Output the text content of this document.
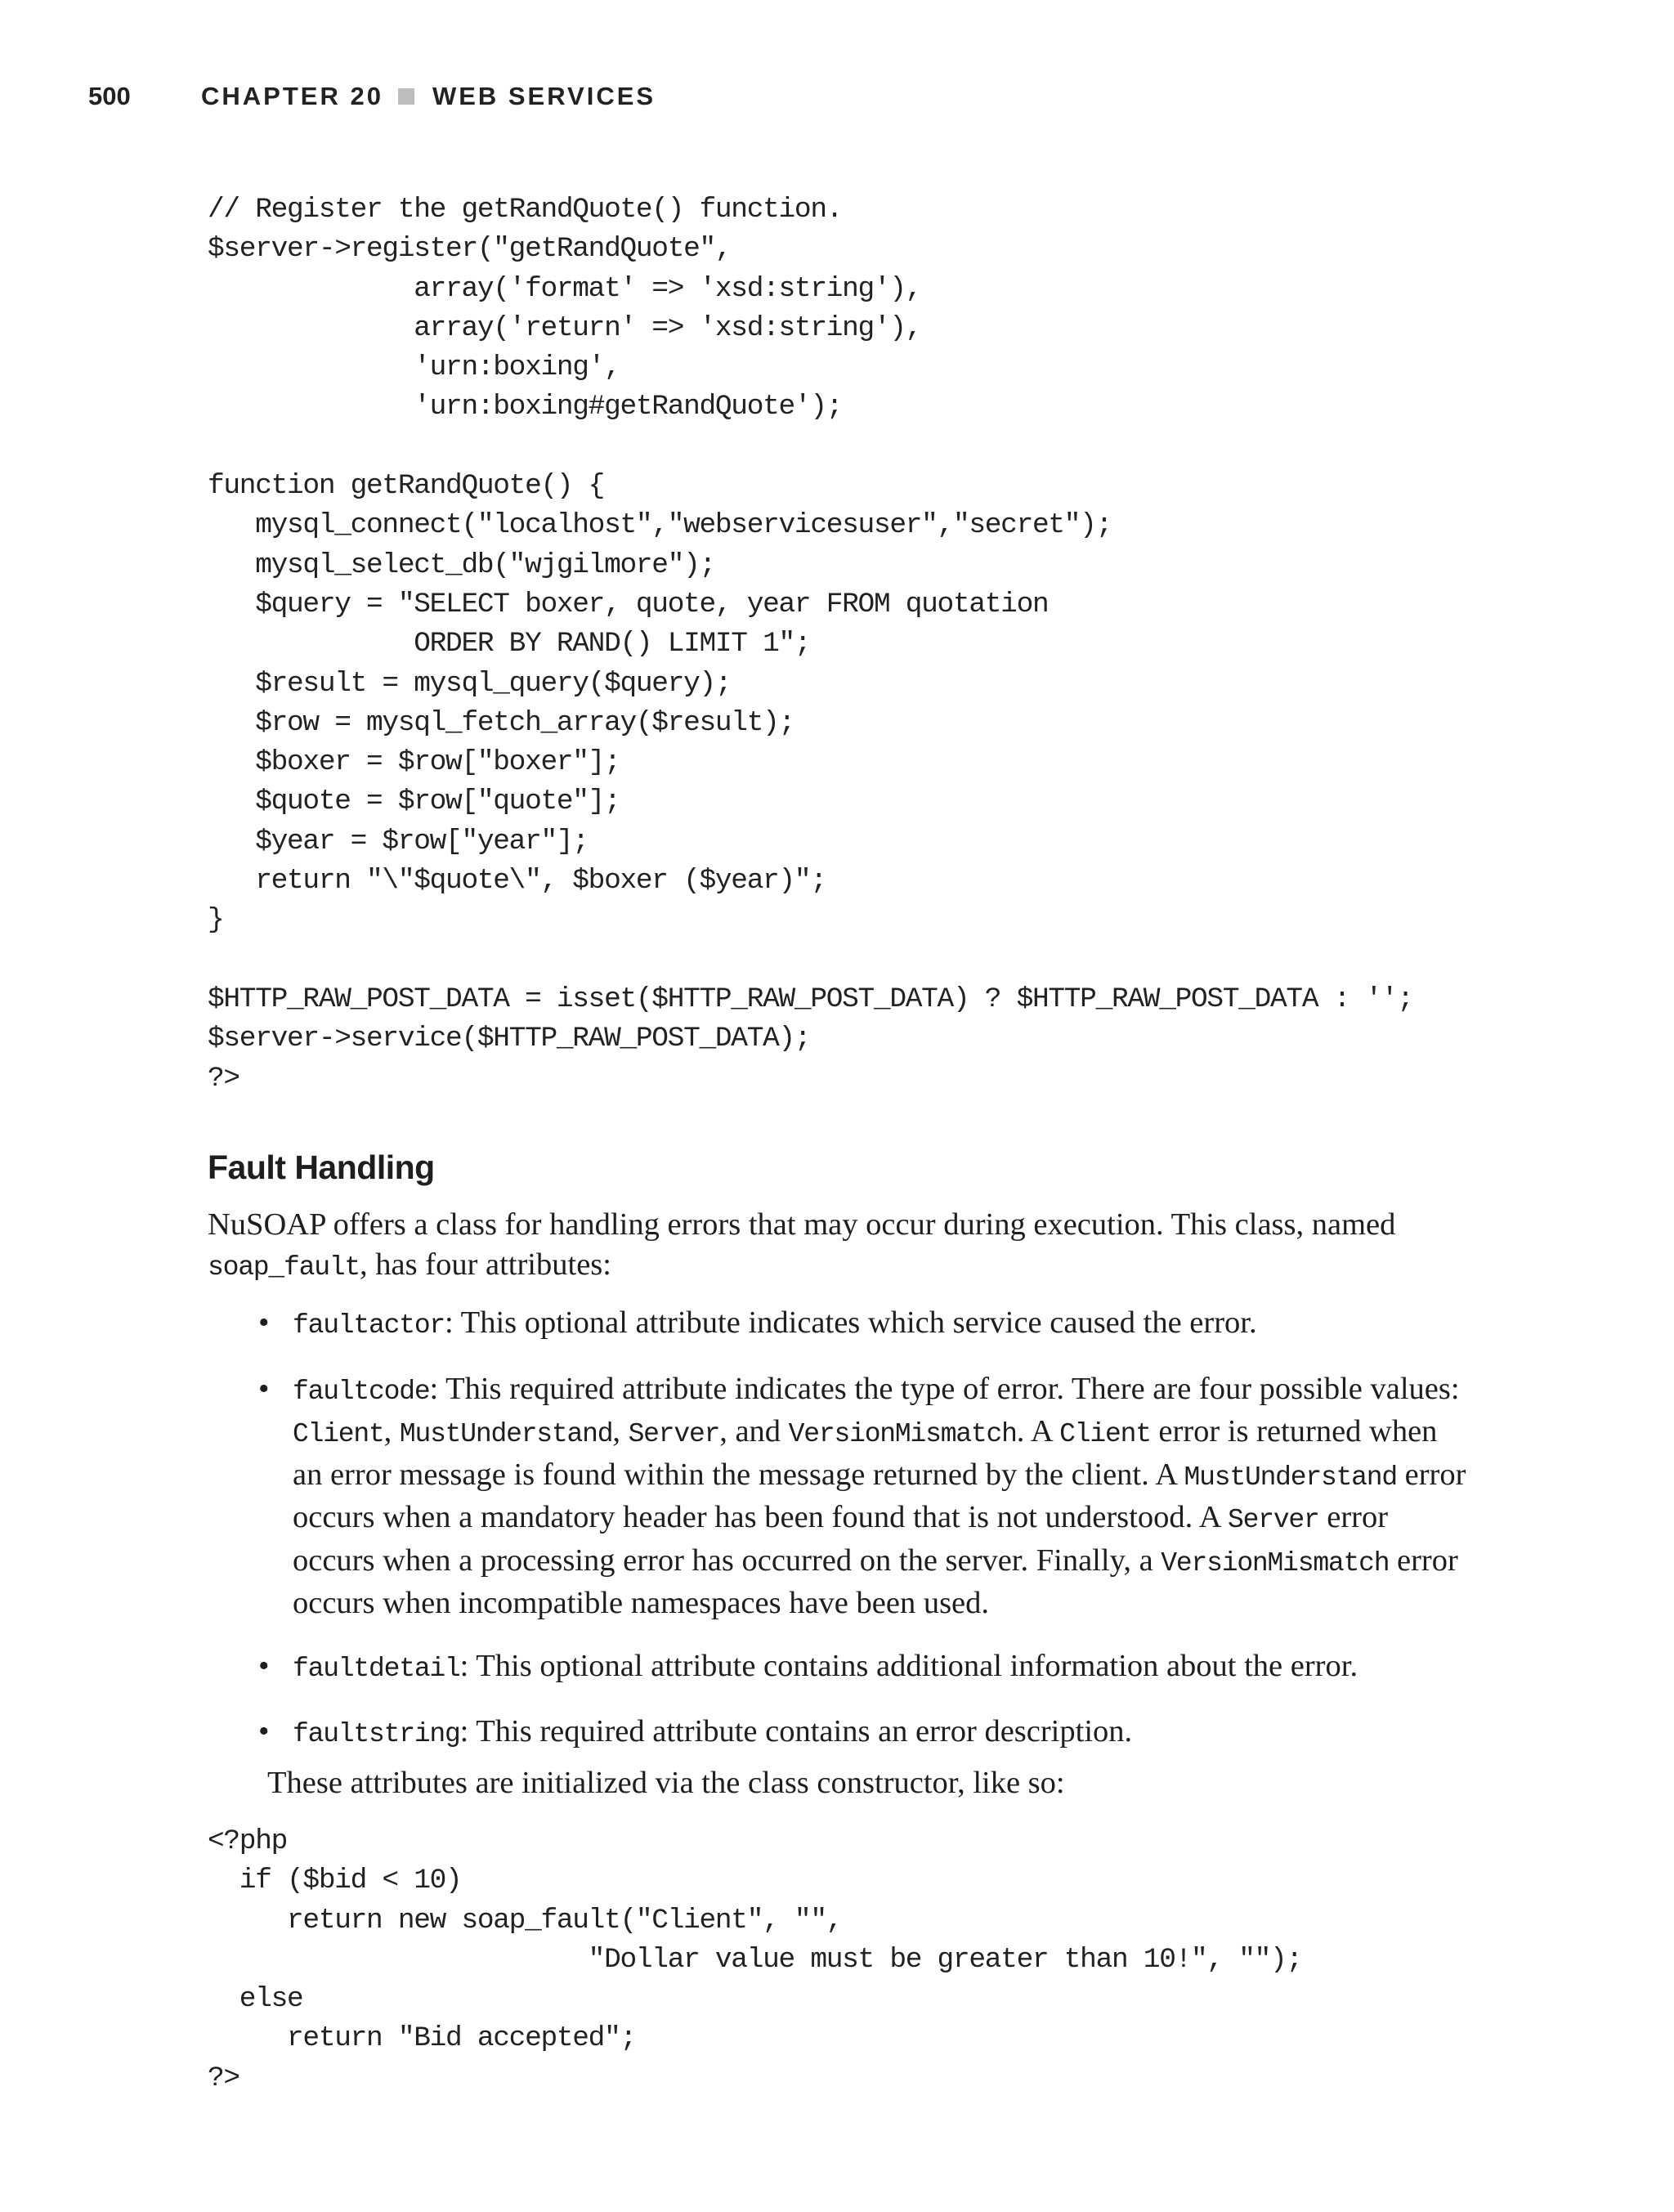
500	CHAPTER 20 WEB SERVICES
// Register the getRandQuote() function.
$server->register("getRandQuote",
array('format' => 'xsd:string'),
array('return' => 'xsd:string'),
'urn:boxing',
'urn:boxing#getRandQuote');

function getRandQuote() {
mysql_connect("localhost","webservicesuser","secret");
mysql_select_db("wjgilmore");
$query = "SELECT boxer, quote, year FROM quotation
ORDER BY RAND() LIMIT 1";
$result = mysql_query($query);
$row = mysql_fetch_array($result);
$boxer = $row["boxer"];
$quote = $row["quote"];
$year = $row["year"];
return "\"$quote\", $boxer ($year)";
}

$HTTP_RAW_POST_DATA = isset($HTTP_RAW_POST_DATA) ? $HTTP_RAW_POST_DATA : '';
$server->service($HTTP_RAW_POST_DATA);
?>
Fault Handling

NuSOAP offers a class for handling errors that may occur during execution. This class, named soap_fault, has four attributes:

• faultactor: This optional attribute indicates which service caused the error.
• faultcode: This required attribute indicates the type of error. There are four possible values: Client, MustUnderstand, Server, and VersionMismatch. A Client error is returned when an error message is found within the message returned by the client. A MustUnderstand error occurs when a mandatory header has been found that is not understood. A Server error occurs when a processing error has occurred on the server. Finally, a VersionMismatch error occurs when incompatible namespaces have been used.
• faultdetail: This optional attribute contains additional information about the error.
• faultstring: This required attribute contains an error description.

These attributes are initialized via the class constructor, like so:

<?php
if ($bid < 10)
return new soap_fault("Client", "",
"Dollar value must be greater than 10!", "");
else
return "Bid accepted";
?>
